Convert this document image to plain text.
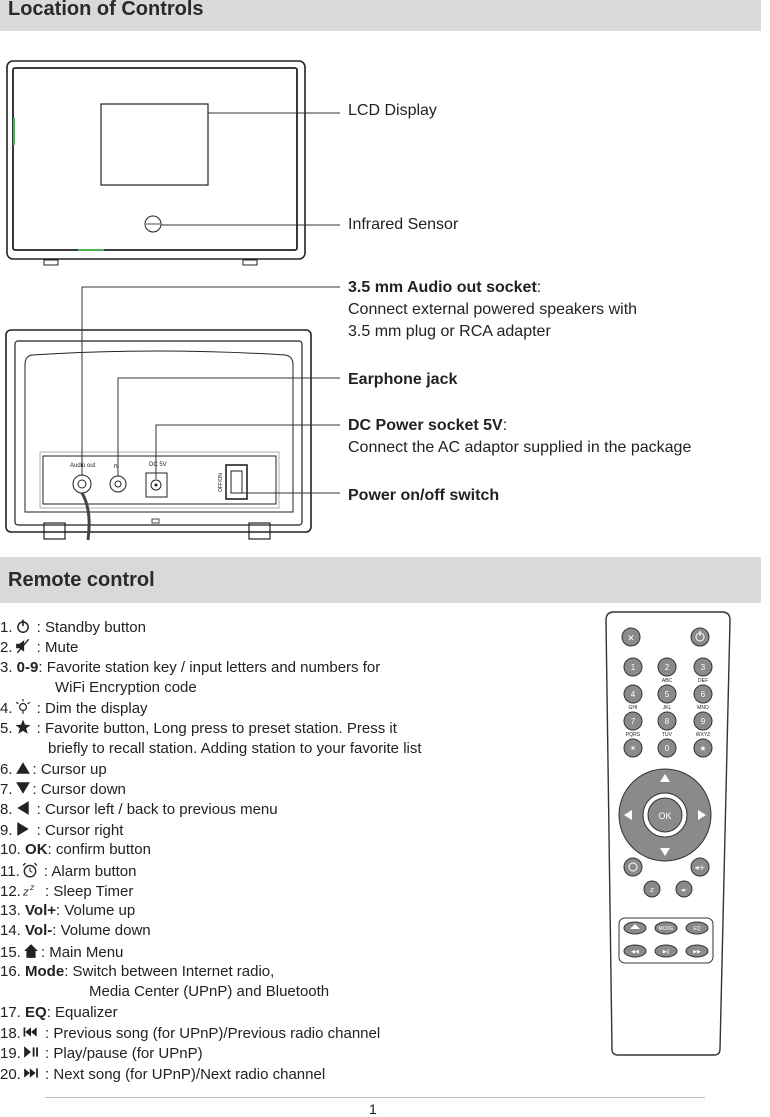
Location of Controls
LCD Display
Infrared Sensor
Audio out	∩	DC 5V
OFF/ON
3.5 mm Audio out socket:
Connect external powered speakers with
3.5 mm plug or RCA adapter
Earphone jack
DC Power socket 5V:
Connect the AC adaptor supplied in the package
Power on/off switch
Remote control
1. : Standby button
2. : Mute
3. 0-9: Favorite station key / input letters and numbers for
4. : Dim the display
5. : Favorite button, Long press to preset station. Press it
6. : Cursor up
7. : Cursor down
8. : Cursor left / back to previous menu
9. : Cursor right
10. OK: confirm button
11. : Alarm button
12. z z : Sleep Timer
13. Vol+: Volume up
14. Vol-: Volume down
15. : Main Menu
16. Mode: Switch between Internet radio,
17. EQ: Equalizer
18. : Previous song (for UPnP)/Previous radio channel
19. : Play/pause (for UPnP)
20. : Next song (for UPnP)/Next radio channel
WiFi Encryption code
briefly to recall station. Adding station to your favorite list
Media Center (UPnP) and Bluetooth
✕
1	2	3
4	5	6
7	8	9
☀	0	★
ABC	DEF
GHI	JKL	MNO
PQRS	TUV	WXYZ
OK
◂+
z	◂-
MODE	EQ
◀◀	▶∥	▶▶
1
